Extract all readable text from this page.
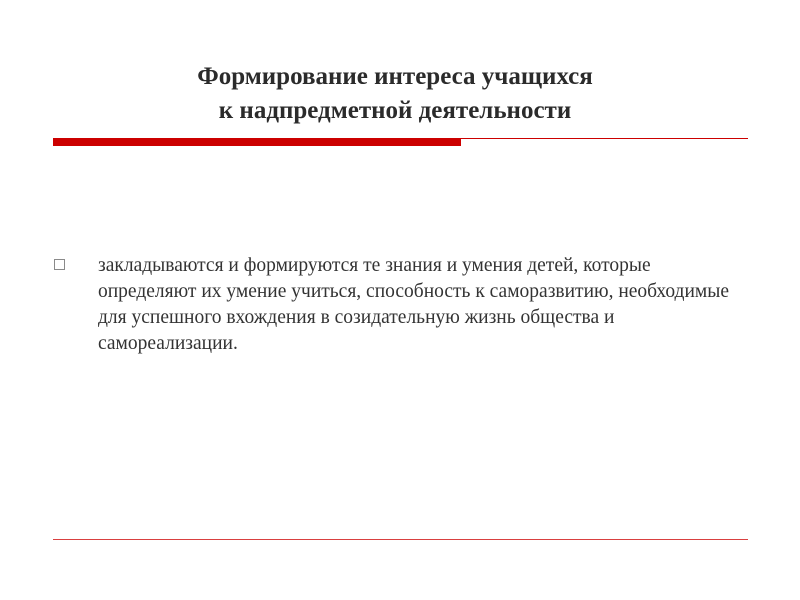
Формирование интереса учащихся
к надпредметной деятельности
закладываются и формируются те знания и умения детей, которые определяют их умение учиться, способность к саморазвитию, необходимые для успешного вхождения в созидательную жизнь общества и самореализации.
